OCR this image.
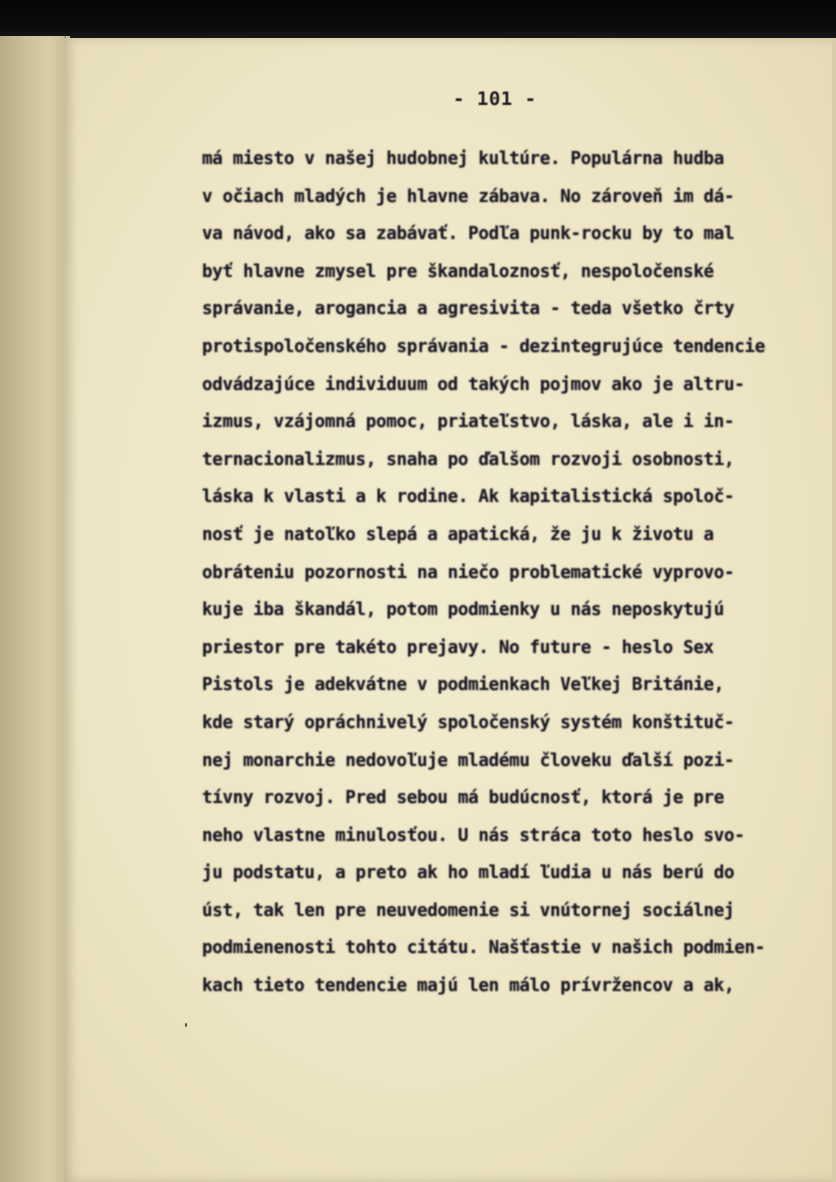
- 101 -
má miesto v našej hudobnej kultúre. Populárna hudba
v očiach mladých je hlavne zábava. No zároveň im dá-
va návod, ako sa zabávať. Podľa punk-rocku by to mal
byť hlavne zmysel pre škandaloznosť, nespoločenské
správanie, arogancia a agresivita - teda všetko črty
protispoločenského správania - dezintegrujúce tendencie
odvádzajúce individuum od takých pojmov ako je altru-
izmus, vzájomná pomoc, priateľstvo, láska, ale i in-
ternacionalizmus, snaha po ďalšom rozvoji osobnosti,
láska k vlasti a k rodine. Ak kapitalistická spoloč-
nosť je natoľko slepá a apatická, že ju k životu a
obráteniu pozornosti na niečo problematické vyprovo-
kuje iba škandál, potom podmienky u nás neposkytujú
priestor pre takéto prejavy. No future - heslo Sex
Pistols je adekvátne v podmienkach Veľkej Británie,
kde starý opráchnivelý spoločenský systém konštituč-
nej monarchie nedovoľuje mladému človeku ďalší pozi-
tívny rozvoj. Pred sebou má budúcnosť, ktorá je pre
neho vlastne minulosťou. U nás stráca toto heslo svo-
ju podstatu, a preto ak ho mladí ľudia u nás berú do
úst, tak len pre neuvedomenie si vnútornej sociálnej
podmienenosti tohto citátu. Našťastie v našich podmien-
kach tieto tendencie majú len málo prívržencov a ak,
